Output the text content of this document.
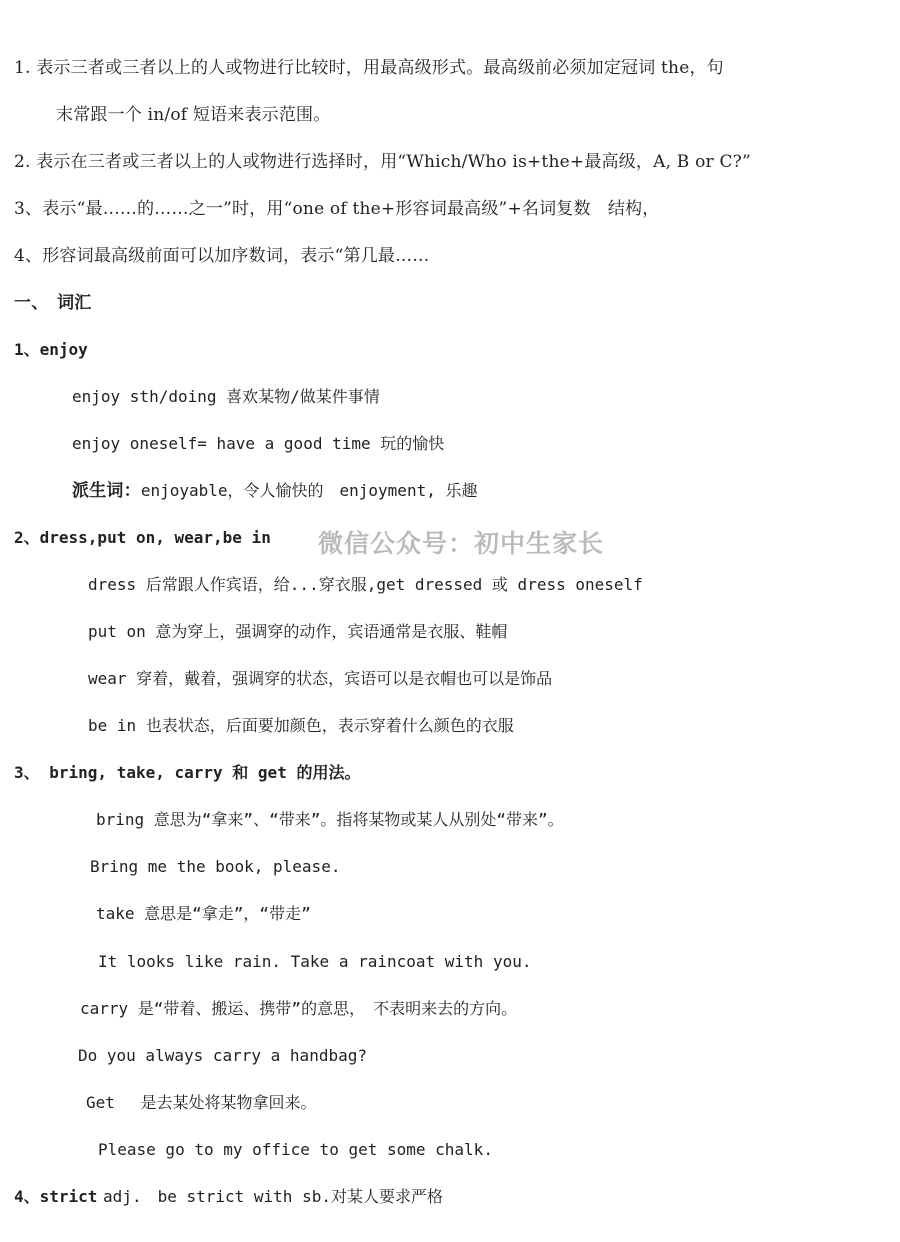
1. 表示三者或三者以上的人或物进行比较时，用最高级形式。最高级前必须加定冠词 the，句
末常跟一个 in/of 短语来表示范围。
2. 表示在三者或三者以上的人或物进行选择时，用“Which/Who is+the+最高级，A, B or C?”
3、表示“最……的……之一”时，用“one of the+形容词最高级”+名词复数　结构，
4、形容词最高级前面可以加序数词，表示“第几最……
一、　词汇
1、enjoy
enjoy sth/doing 喜欢某物/做某件事情
enjoy oneself= have a good time 玩的愉快
派生词：enjoyable，令人愉快的　enjoyment, 乐趣
2、dress,put on, wear,be in 微信公众号：初中生家长
dress 后常跟人作宾语，给...穿衣服,get dressed 或 dress oneself
put on 意为穿上，强调穿的动作，宾语通常是衣服、鞋帽
wear 穿着，戴着，强调穿的状态，宾语可以是衣帽也可以是饰品
be in 也表状态，后面要加颜色，表示穿着什么颜色的衣服
3、 bring, take, carry 和 get 的用法。
bring 意思为“拿来”、“带来”。指将某物或某人从别处“带来”。
Bring me the book, please.
take 意思是“拿走”，“带走”
It looks like rain. Take a raincoat with you.
carry 是“带着、搬运、携带”的意思，　不表明来去的方向。
Do you always carry a handbag?
Get　 是去某处将某物拿回来。
Please go to my office to get some chalk.
4、strict adj.　be strict with sb.对某人要求严格
